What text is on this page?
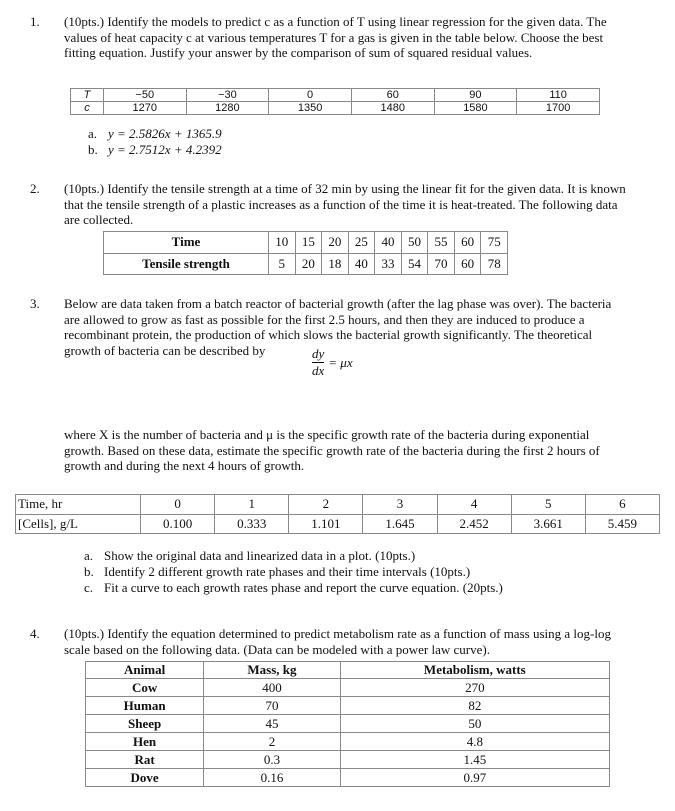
1. (10pts.) Identify the models to predict c as a function of T using linear regression for the given data. The values of heat capacity c at various temperatures T for a gas is given in the table below. Choose the best fitting equation. Justify your answer by the comparison of sum of squared residual values.
T	−50	−30	0	60	90	110
c	1270	1280	1350	1480	1580	1700
a. y = 2.5826x + 1365.9
b. y = 2.7512x + 4.2392
2. (10pts.) Identify the tensile strength at a time of 32 min by using the linear fit for the given data. It is known that the tensile strength of a plastic increases as a function of the time it is heat-treated. The following data are collected.
Time	10	15	20	25	40	50	55	60	75
Tensile strength	5	20	18	40	33	54	70	60	78
3. Below are data taken from a batch reactor of bacterial growth (after the lag phase was over). The bacteria are allowed to grow as fast as possible for the first 2.5 hours, and then they are induced to produce a recombinant protein, the production of which slows the bacterial growth significantly. The theoretical growth of bacteria can be described by	$\frac{dy}{dx} = \mu x$
where X is the number of bacteria and μ is the specific growth rate of the bacteria during exponential growth. Based on these data, estimate the specific growth rate of the bacteria during the first 2 hours of growth and during the next 4 hours of growth.
Time, hr	0	1	2	3	4	5	6
[Cells], g/L	0.100	0.333	1.101	1.645	2.452	3.661	5.459
a. Show the original data and linearized data in a plot. (10pts.)
b. Identify 2 different growth rate phases and their time intervals (10pts.)
c. Fit a curve to each growth rates phase and report the curve equation. (20pts.)
4. (10pts.) Identify the equation determined to predict metabolism rate as a function of mass using a log-log scale based on the following data. (Data can be modeled with a power law curve).
Animal	Mass, kg	Metabolism, watts
Cow	400	270
Human	70	82
Sheep	45	50
Hen	2	4.8
Rat	0.3	1.45
Dove	0.16	0.97
